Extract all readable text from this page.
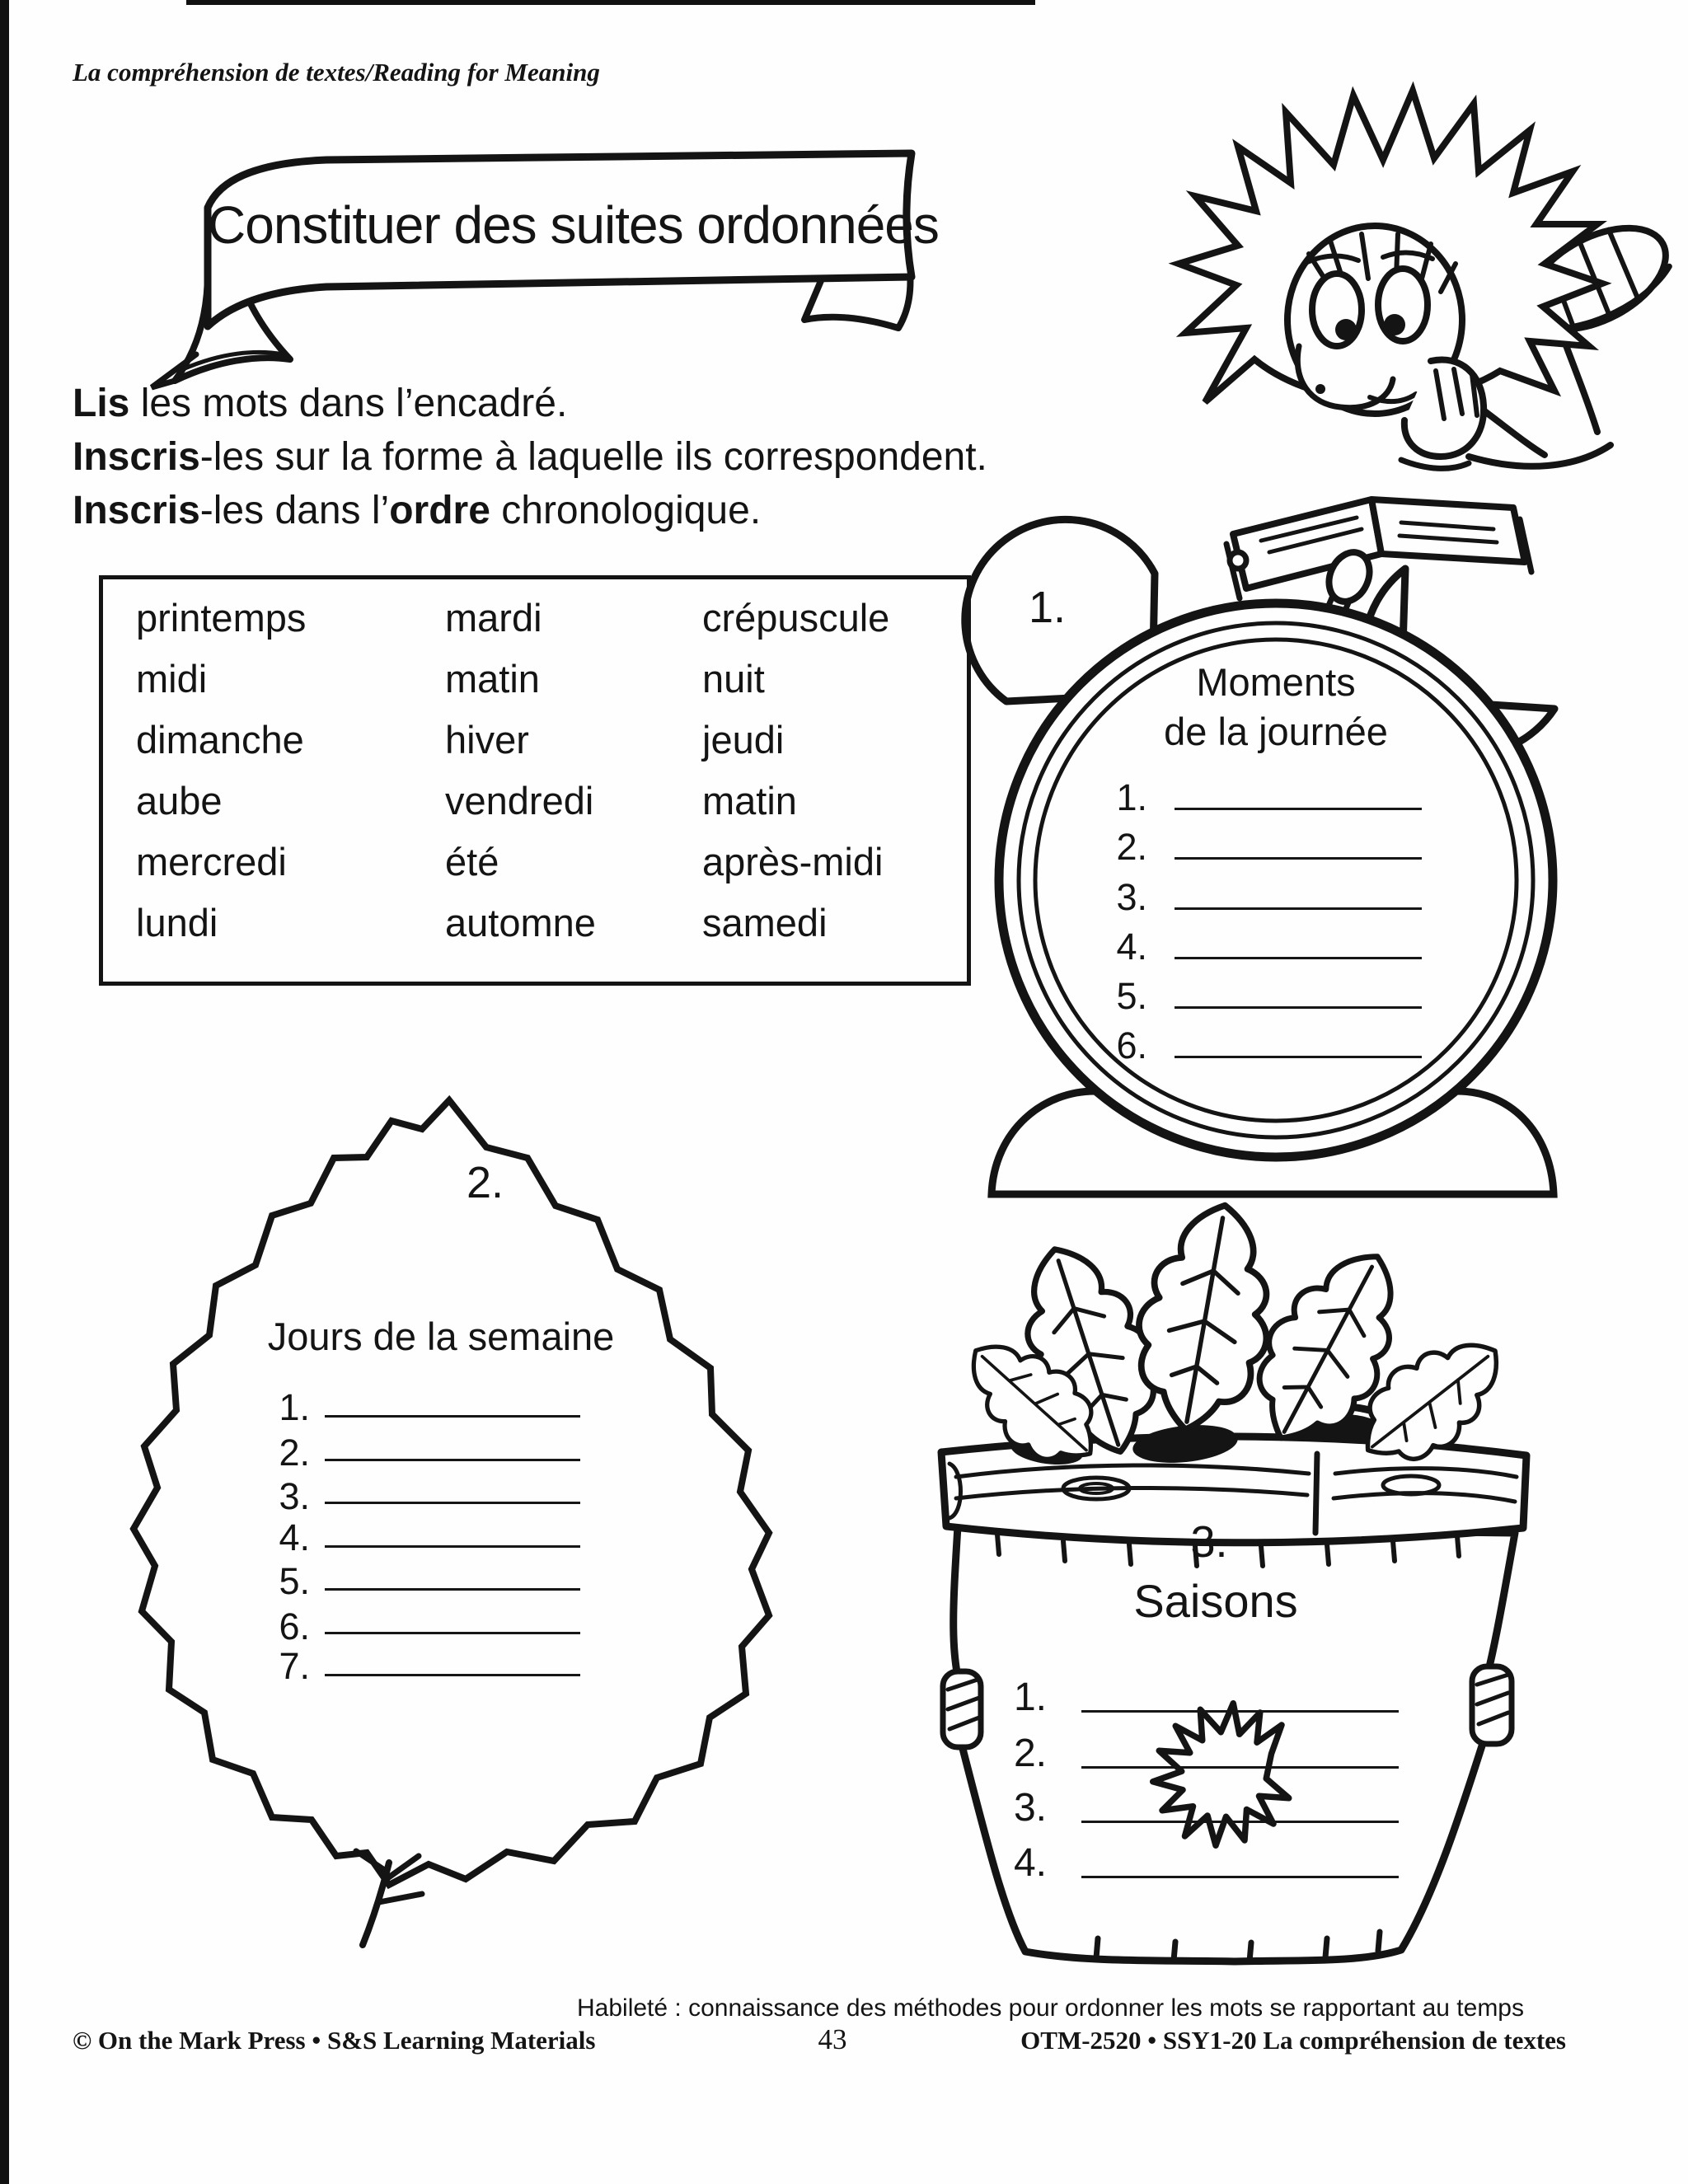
La compréhension de textes/Reading for Meaning
Constituer des suites ordonnées
Lis les mots dans l’encadré.
Inscris-les sur la forme à laquelle ils correspondent.
Inscris-les dans l’ordre chronologique.
printemps
midi
dimanche
aube
mercredi
lundi
mardi
matin
hiver
vendredi
été
automne
crépuscule
nuit
jeudi
matin
après-midi
samedi
1.
Moments
de la journée
1.
2.
3.
4.
5.
6.
2.
Jours de la semaine
1.
2.
3.
4.
5.
6.
7.
3.
Saisons
1.
2.
3.
4.
Habileté : connaissance des méthodes pour ordonner les mots se rapportant au temps
© On the Mark Press • S&S Learning Materials	43	OTM-2520 • SSY1-20 La compréhension de textes
